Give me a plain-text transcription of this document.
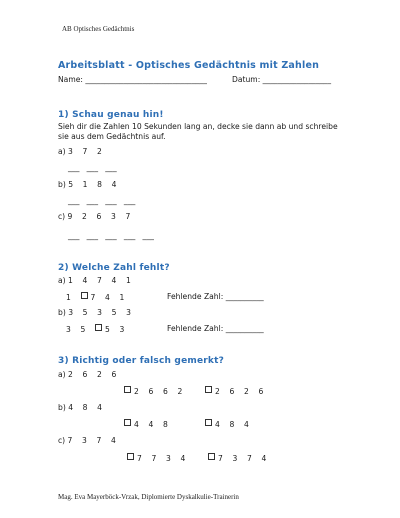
AB Optisches Gedächtnis
Arbeitsblatt - Optisches Gedächtnis mit Zahlen
Name: ________________________________	Datum: __________________
1) Schau genau hin!
Sieh dir die Zahlen 10 Sekunden lang an, decke sie dann ab und schreibe
sie aus dem Gedächtnis auf.
a) 3    7    2
___   ___   ___
b) 5    1    8    4
___   ___   ___   ___
c) 9    2    6    3    7
___   ___   ___   ___   ___
2) Welche Zahl fehlt?
a) 1    4    7    4    1
1	7    4    1	Fehlende Zahl: __________
b) 3    5    3    5    3
3    5	5    3	Fehlende Zahl: __________
3) Richtig oder falsch gemerkt?
a) 2    6    2    6
2    6    6    2	2    6    2    6
b) 4    8    4
4    4    8	4    8    4
c) 7    3    7    4
7    7    3    4	7    3    7    4
Mag. Eva Mayerböck-Vrzak, Diplomierte Dyskalkulie-Trainerin
